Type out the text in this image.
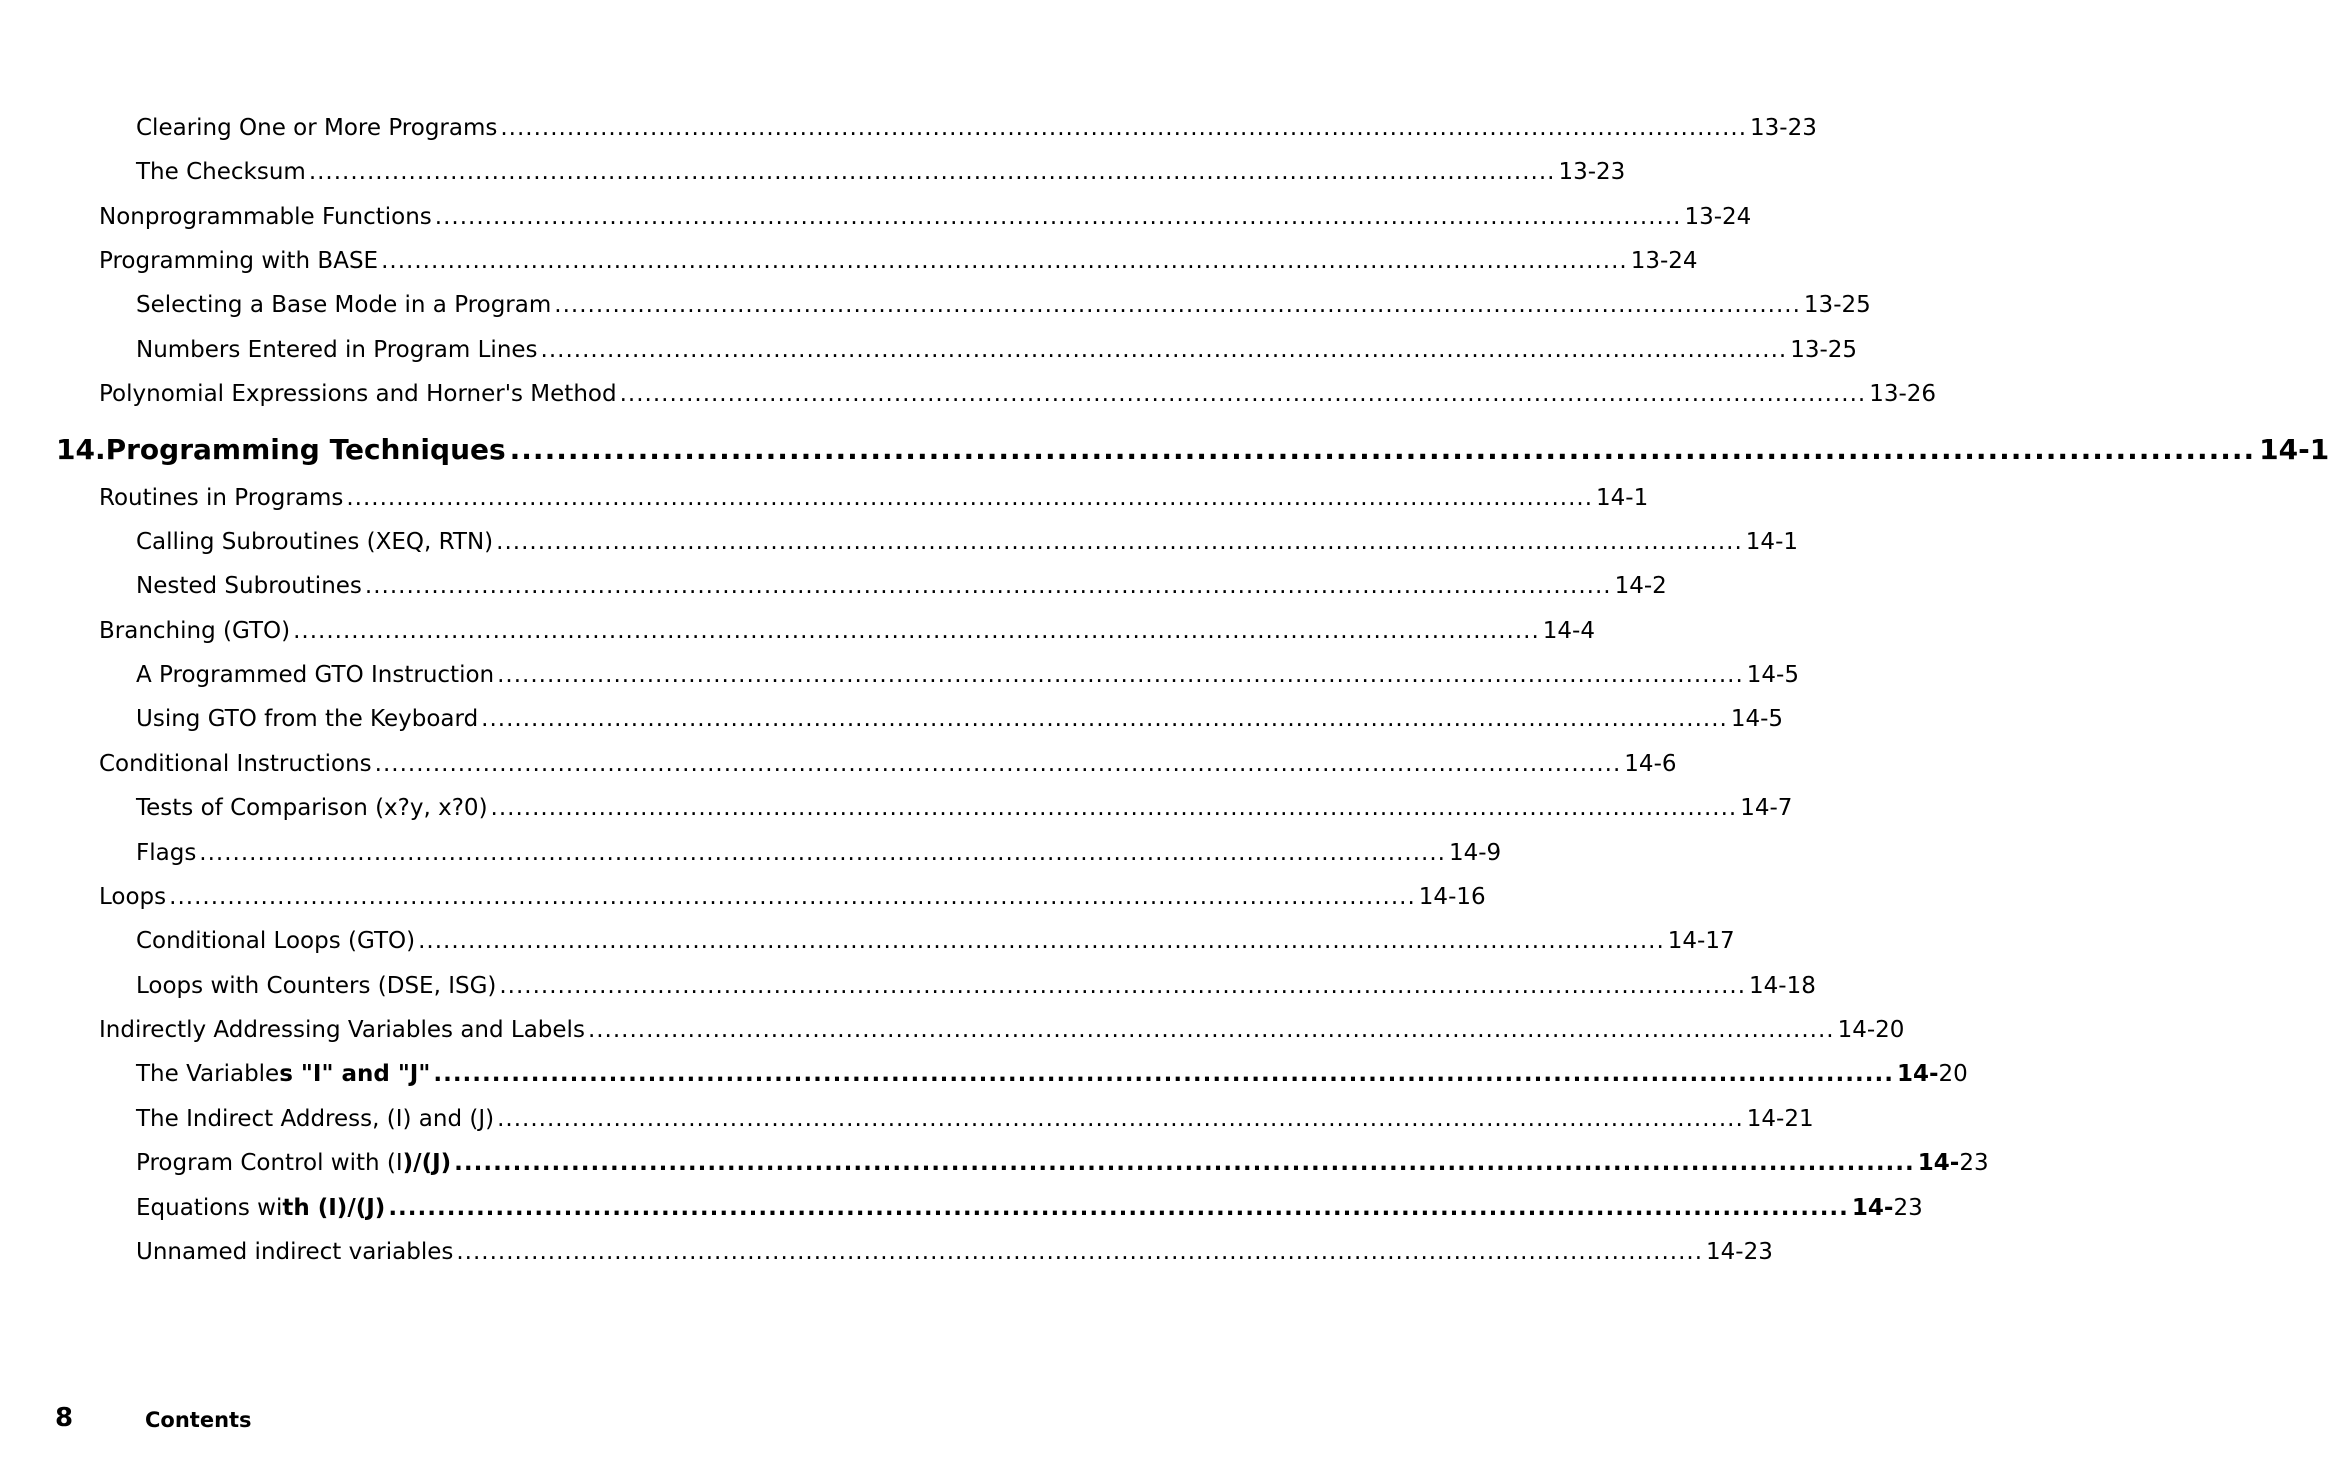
Clearing One or More Programs ...................................................................................................................................................... 13-23
The Checksum ...................................................................................................................................................... 13-23
Nonprogrammable Functions ...................................................................................................................................................... 13-24
Programming with BASE ...................................................................................................................................................... 13-24
Selecting a Base Mode in a Program ...................................................................................................................................................... 13-25
Numbers Entered in Program Lines ...................................................................................................................................................... 13-25
Polynomial Expressions and Horner's Method ...................................................................................................................................................... 13-26
14.Programming Techniques ...................................................................................................................................................... 14-1
Routines in Programs ...................................................................................................................................................... 14-1
Calling Subroutines (XEQ, RTN) ...................................................................................................................................................... 14-1
Nested Subroutines ...................................................................................................................................................... 14-2
Branching (GTO) ...................................................................................................................................................... 14-4
A Programmed GTO Instruction ...................................................................................................................................................... 14-5
Using GTO from the Keyboard ...................................................................................................................................................... 14-5
Conditional Instructions ...................................................................................................................................................... 14-6
Tests of Comparison (x?y, x?0) ...................................................................................................................................................... 14-7
Flags ...................................................................................................................................................... 14-9
Loops ...................................................................................................................................................... 14-16
Conditional Loops (GTO) ...................................................................................................................................................... 14-17
Loops with Counters (DSE, ISG) ...................................................................................................................................................... 14-18
Indirectly Addressing Variables and Labels ...................................................................................................................................................... 14-20
The Variables "I" and "J" ...................................................................................................................................................... 14-20
The Indirect Address, (I) and (J) ...................................................................................................................................................... 14-21
Program Control with (I)/(J) ...................................................................................................................................................... 14-23
Equations with (I)/(J) ...................................................................................................................................................... 14-23
Unnamed indirect variables ...................................................................................................................................................... 14-23
8	Contents
